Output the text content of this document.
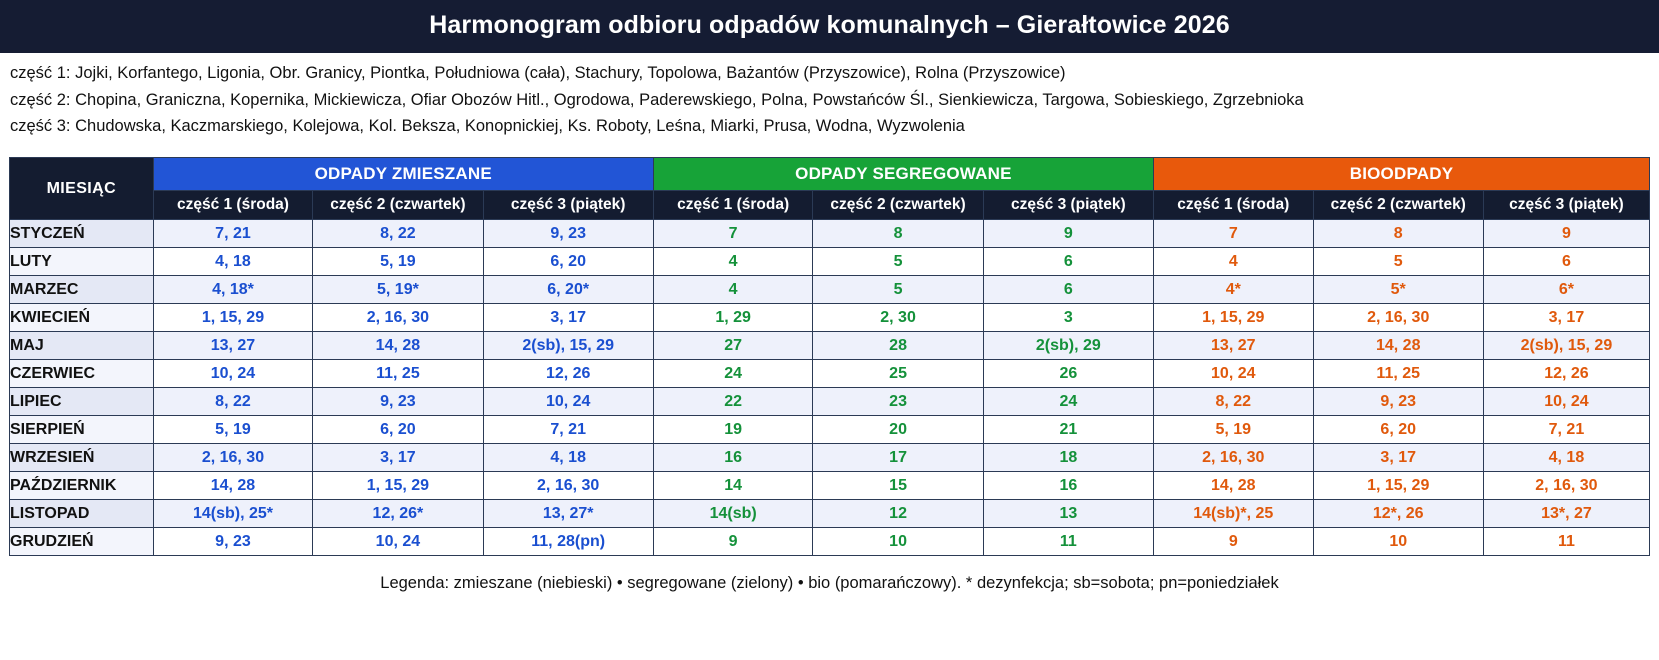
Harmonogram odbioru odpadów komunalnych – Gierałtowice 2026
część 1: Jojki, Korfantego, Ligonia, Obr. Granicy, Piontka, Południowa (cała), Stachury, Topolowa, Bażantów (Przyszowice), Rolna (Przyszowice)
część 2: Chopina, Graniczna, Kopernika, Mickiewicza, Ofiar Obozów Hitl., Ogrodowa, Paderewskiego, Polna, Powstańców Śl., Sienkiewicza, Targowa, Sobieskiego, Zgrzebnioka
część 3: Chudowska, Kaczmarskiego, Kolejowa, Kol. Beksza, Konopnickiej, Ks. Roboty, Leśna, Miarki, Prusa, Wodna, Wyzwolenia
MIESIĄC	ODPADY ZMIESZANE			ODPADY SEGREGOWANE			BIOODPADY		
	część 1 (środa)	część 2 (czwartek)	część 3 (piątek)	część 1 (środa)	część 2 (czwartek)	część 3 (piątek)	część 1 (środa)	część 2 (czwartek)	część 3 (piątek)
STYCZEŃ	7, 21	8, 22	9, 23	7	8	9	7	8	9
LUTY	4, 18	5, 19	6, 20	4	5	6	4	5	6
MARZEC	4, 18*	5, 19*	6, 20*	4	5	6	4*	5*	6*
KWIECIEŃ	1, 15, 29	2, 16, 30	3, 17	1, 29	2, 30	3	1, 15, 29	2, 16, 30	3, 17
MAJ	13, 27	14, 28	2(sb), 15, 29	27	28	2(sb), 29	13, 27	14, 28	2(sb), 15, 29
CZERWIEC	10, 24	11, 25	12, 26	24	25	26	10, 24	11, 25	12, 26
LIPIEC	8, 22	9, 23	10, 24	22	23	24	8, 22	9, 23	10, 24
SIERPIEŃ	5, 19	6, 20	7, 21	19	20	21	5, 19	6, 20	7, 21
WRZESIEŃ	2, 16, 30	3, 17	4, 18	16	17	18	2, 16, 30	3, 17	4, 18
PAŹDZIERNIK	14, 28	1, 15, 29	2, 16, 30	14	15	16	14, 28	1, 15, 29	2, 16, 30
LISTOPAD	14(sb), 25*	12, 26*	13, 27*	14(sb)	12	13	14(sb)*, 25	12*, 26	13*, 27
GRUDZIEŃ	9, 23	10, 24	11, 28(pn)	9	10	11	9	10	11
Legenda: zmieszane (niebieski) • segregowane (zielony) • bio (pomarańczowy). * dezynfekcja; sb=sobota; pn=poniedziałek
